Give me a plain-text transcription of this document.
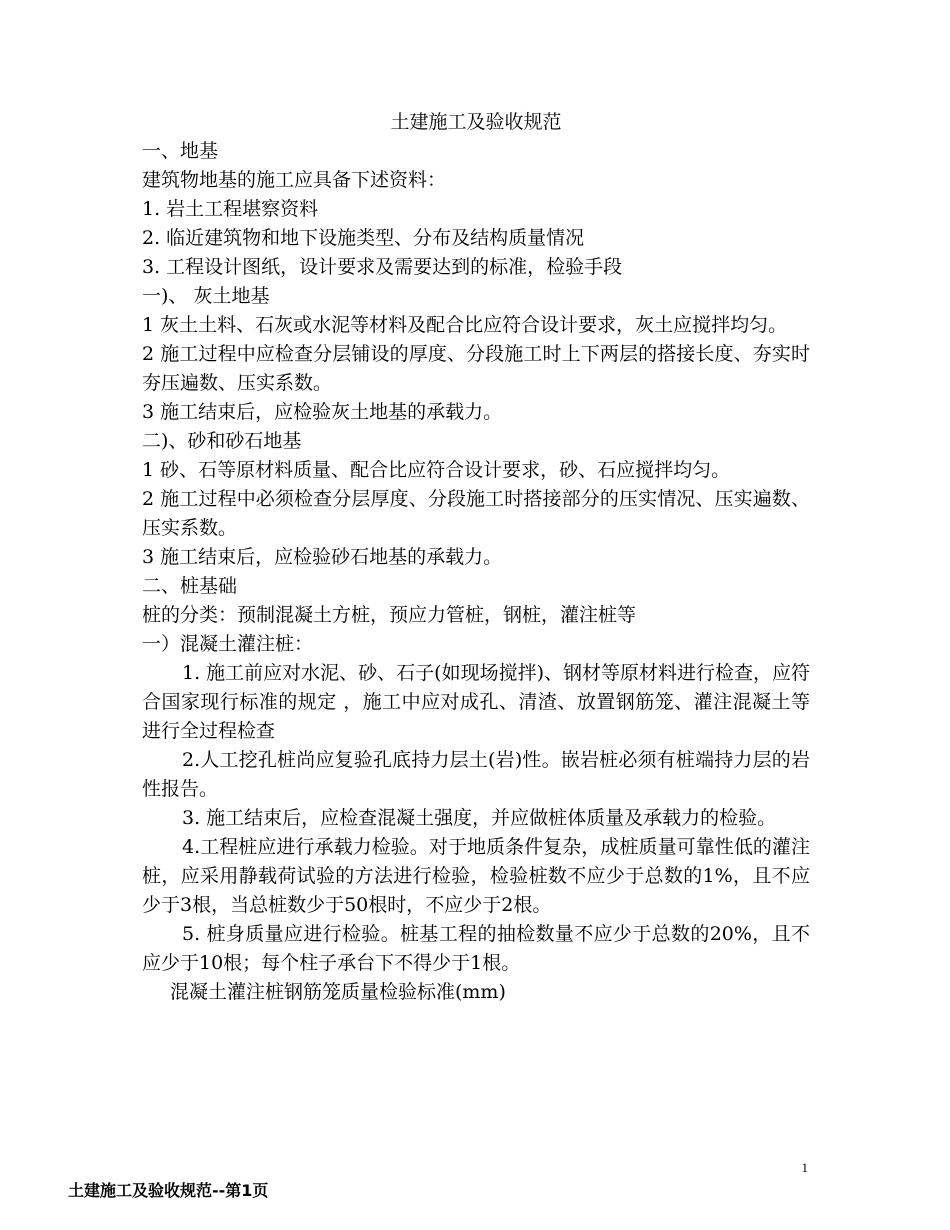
土建施工及验收规范
一、地基
建筑物地基的施工应具备下述资料：
1. 岩土工程堪察资料
2. 临近建筑物和地下设施类型、分布及结构质量情况
3. 工程设计图纸，设计要求及需要达到的标准，检验手段
一)、 灰土地基
1 灰土土料、石灰或水泥等材料及配合比应符合设计要求，灰土应搅拌均匀。
2 施工过程中应检查分层铺设的厚度、分段施工时上下两层的搭接长度、夯实时夯压遍数、压实系数。
3 施工结束后，应检验灰土地基的承载力。
二)、砂和砂石地基
1 砂、石等原材料质量、配合比应符合设计要求，砂、石应搅拌均匀。
2 施工过程中必须检查分层厚度、分段施工时搭接部分的压实情况、压实遍数、压实系数。
3 施工结束后，应检验砂石地基的承载力。
二、桩基础
桩的分类：预制混凝土方桩，预应力管桩，钢桩，灌注桩等
一）混凝土灌注桩：
1. 施工前应对水泥、砂、石子(如现场搅拌)、钢材等原材料进行检查，应符合国家现行标准的规定 ，施工中应对成孔、清渣、放置钢筋笼、灌注混凝土等进行全过程检查
2.人工挖孔桩尚应复验孔底持力层土(岩)性。嵌岩桩必须有桩端持力层的岩性报告。
3. 施工结束后，应检查混凝土强度，并应做桩体质量及承载力的检验。
4.工程桩应进行承载力检验。对于地质条件复杂，成桩质量可靠性低的灌注桩，应采用静载荷试验的方法进行检验，检验桩数不应少于总数的1%，且不应少于3根，当总桩数少于50根时，不应少于2根。
5. 桩身质量应进行检验。桩基工程的抽检数量不应少于总数的20%，且不应少于10根；每个柱子承台下不得少于1根。
混凝土灌注桩钢筋笼质量检验标准(mm)
1
土建施工及验收规范--第1页
